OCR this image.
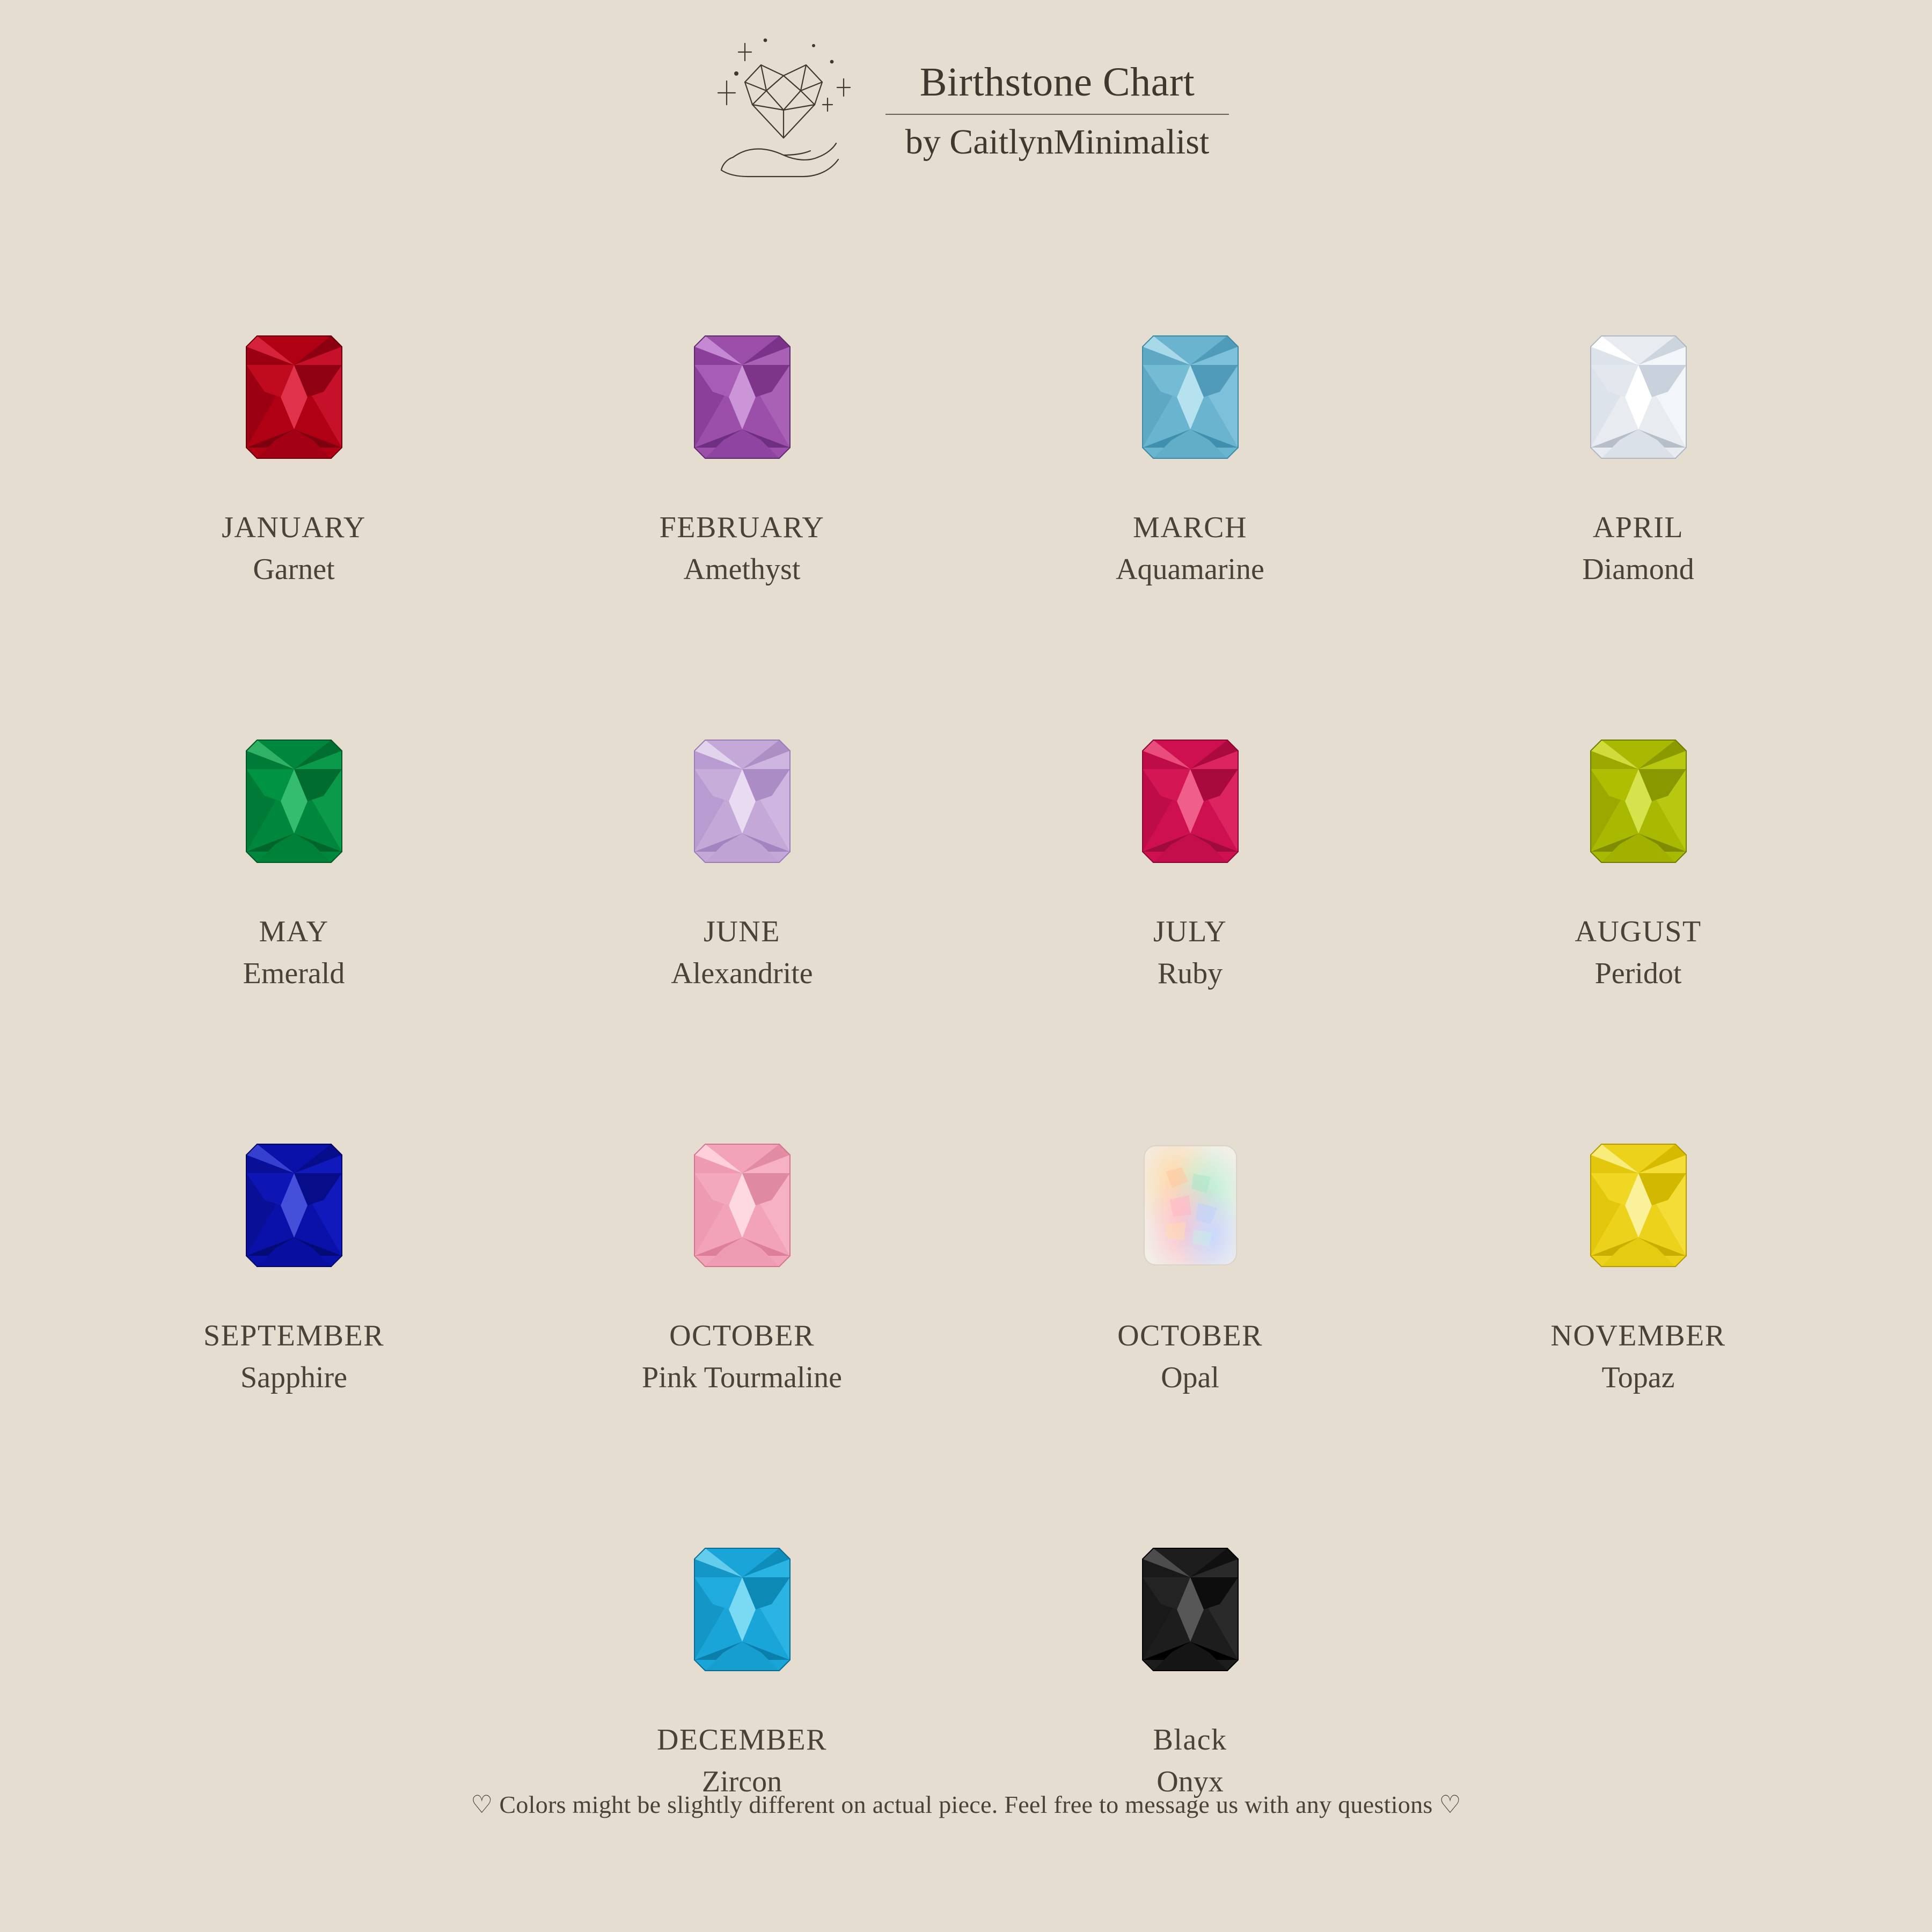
Birthstone Chart
by CaitlynMinimalist
JANUARY
Garnet
FEBRUARY
Amethyst
MARCH
Aquamarine
APRIL
Diamond
MAY
Emerald
JUNE
Alexandrite
JULY
Ruby
AUGUST
Peridot
SEPTEMBER
Sapphire
OCTOBER
Pink Tourmaline
OCTOBER
Opal
NOVEMBER
Topaz
DECEMBER
Zircon
Black
Onyx
♡ Colors might be slightly different on actual piece. Feel free to message us with any questions ♡
